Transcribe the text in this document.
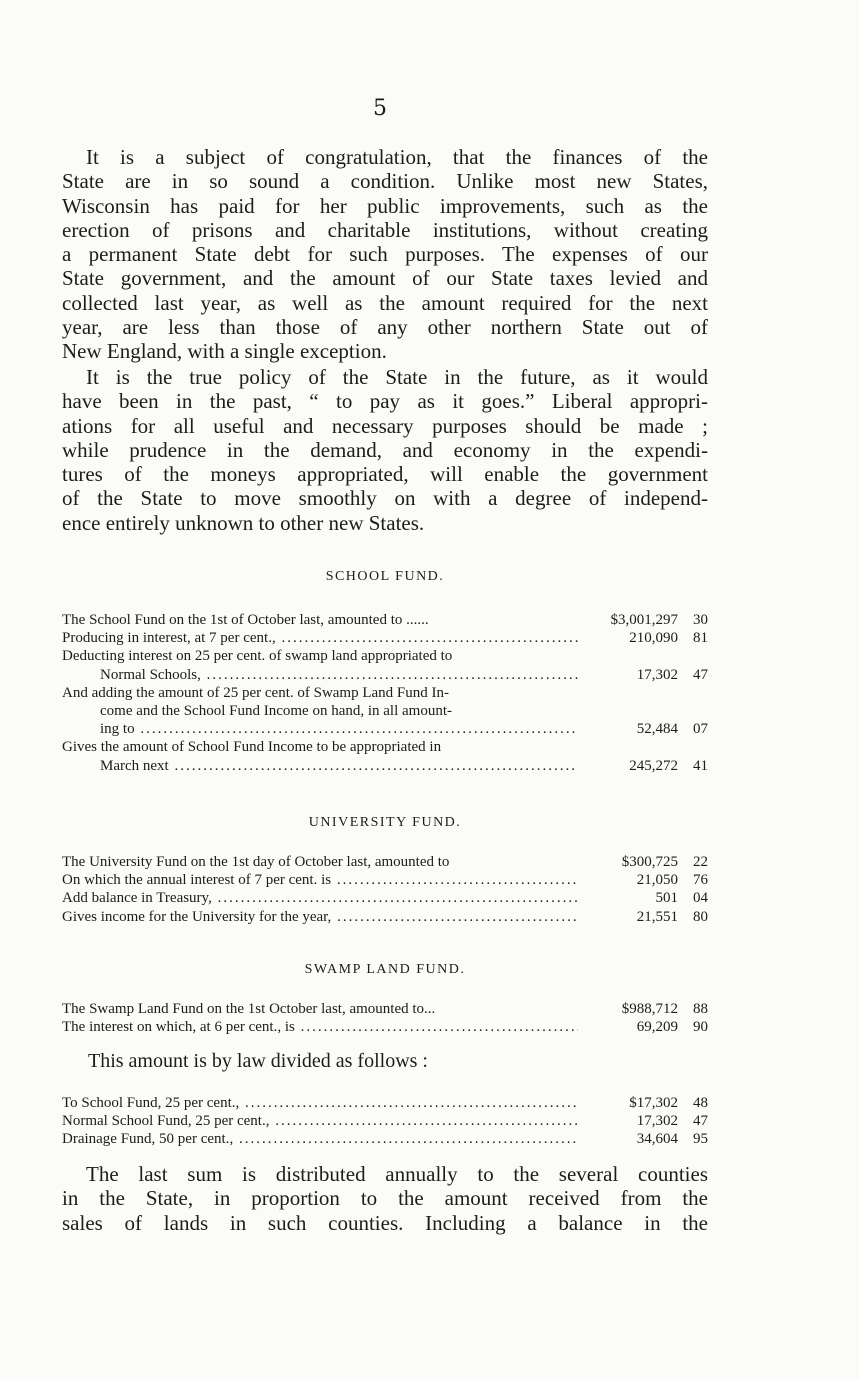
5
It is a subject of congratulation, that the finances of the
State are in so sound a condition. Unlike most new States,
Wisconsin has paid for her public improvements, such as the
erection of prisons and charitable institutions, without creating
a permanent State debt for such purposes. The expenses of our
State government, and the amount of our State taxes levied and
collected last year, as well as the amount required for the next
year, are less than those of any other northern State out of
New England, with a single exception.
It is the true policy of the State in the future, as it would
have been in the past, “ to pay as it goes.” Liberal appropri-
ations for all useful and necessary purposes should be made ;
while prudence in the demand, and economy in the expendi-
tures of the moneys appropriated, will enable the government
of the State to move smoothly on with a degree of independ-
ence entirely unknown to other new States.
SCHOOL FUND.
The School Fund on the 1st of October last, amounted to ......	$3,001,297	30
Producing in interest, at 7 per cent., .....	210,090	81
Deducting interest on 25 per cent. of swamp land appropriated to
Normal Schools, .....	17,302	47
And adding the amount of 25 per cent. of Swamp Land Fund In-
come and the School Fund Income on hand, in all amount-
ing to .....	52,484	07
Gives the amount of School Fund Income to be appropriated in
March next .....	245,272	41
UNIVERSITY FUND.
The University Fund on the 1st day of October last, amounted to	$300,725	22
On which the annual interest of 7 per cent. is .....	21,050	76
Add balance in Treasury, .....	501	04
Gives income for the University for the year, .....	21,551	80
SWAMP LAND FUND.
The Swamp Land Fund on the 1st October last, amounted to...	$988,712	88
The interest on which, at 6 per cent., is .....	69,209	90
This amount is by law divided as follows :
To School Fund, 25 per cent., .....	$17,302	48
Normal School Fund, 25 per cent., .....	17,302	47
Drainage Fund, 50 per cent., .....	34,604	95
The last sum is distributed annually to the several counties
in the State, in proportion to the amount received from the
sales of lands in such counties. Including a balance in the
